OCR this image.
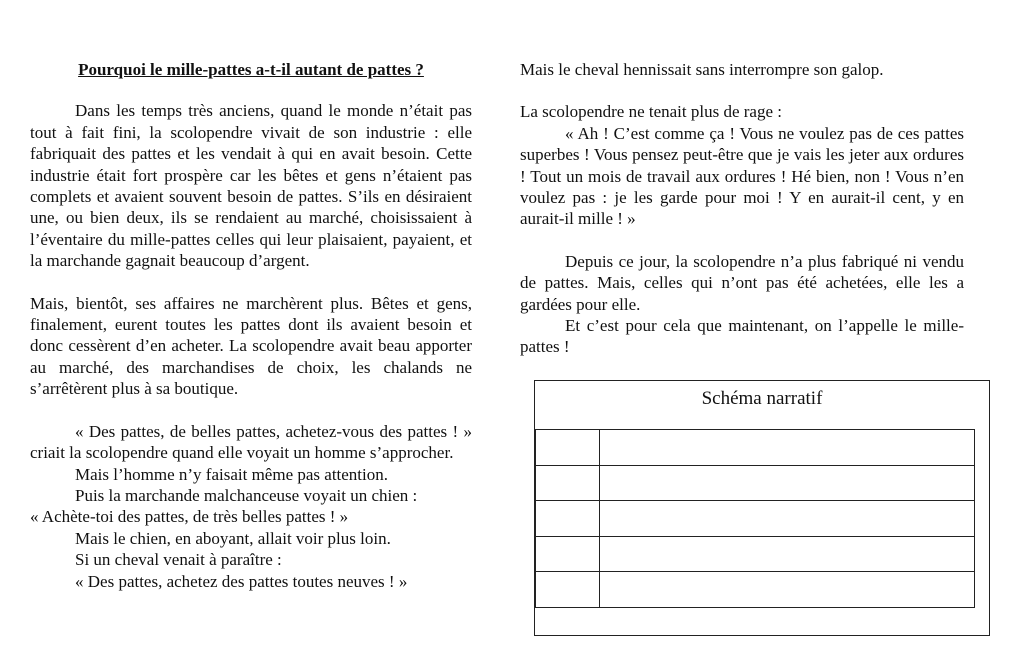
Pourquoi le mille-pattes a-t-il autant de pattes ?

Dans les temps très anciens, quand le monde n’était pas tout à fait fini, la scolopendre vivait de son industrie : elle fabriquait des pattes et les vendait à qui en avait besoin. Cette industrie était fort prospère car les bêtes et gens n’étaient pas complets et avaient souvent besoin de pattes. S’ils en désiraient une, ou bien deux, ils se rendaient au marché, choisissaient à l’éventaire du mille-pattes celles qui leur plaisaient, payaient, et la marchande gagnait beaucoup d’argent.

Mais, bientôt, ses affaires ne marchèrent plus. Bêtes et gens, finalement, eurent toutes les pattes dont ils avaient besoin et donc cessèrent d’en acheter. La scolopendre avait beau apporter au marché, des marchandises de choix, les chalands ne s’arrêtèrent plus à sa boutique.

« Des pattes, de belles pattes, achetez-vous des pattes ! » criait la scolopendre quand elle voyait un homme s’approcher.

Mais l’homme n’y faisait même pas attention.

Puis la marchande malchanceuse voyait un chien :

« Achète-toi des pattes, de très belles pattes ! »

Mais le chien, en aboyant, allait voir plus loin.

Si un cheval venait à paraître :

« Des pattes, achetez des pattes toutes neuves ! »

Mais le cheval hennissait sans interrompre son galop.

La scolopendre ne tenait plus de rage :

« Ah ! C’est comme ça ! Vous ne voulez pas de ces pattes superbes ! Vous pensez peut-être que je vais les jeter aux ordures ! Tout un mois de travail aux ordures ! Hé bien, non ! Vous n’en voulez pas : je les garde pour moi ! Y en aurait-il cent, y en aurait-il mille ! »

Depuis ce jour, la scolopendre n’a plus fabriqué ni vendu de pattes. Mais, celles qui n’ont pas été achetées, elle les a gardées pour elle.

Et c’est pour cela que maintenant, on l’appelle le mille-pattes !

Schéma narratif
